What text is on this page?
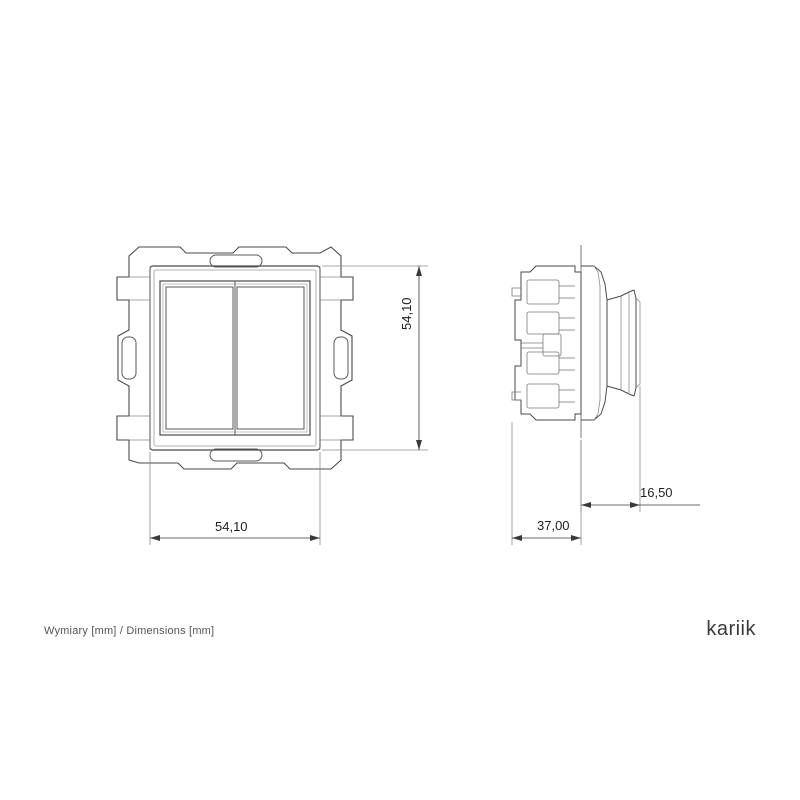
54,10
54,10
37,00
16,50
Wymiary [mm] / Dimensions [mm]	kariik
